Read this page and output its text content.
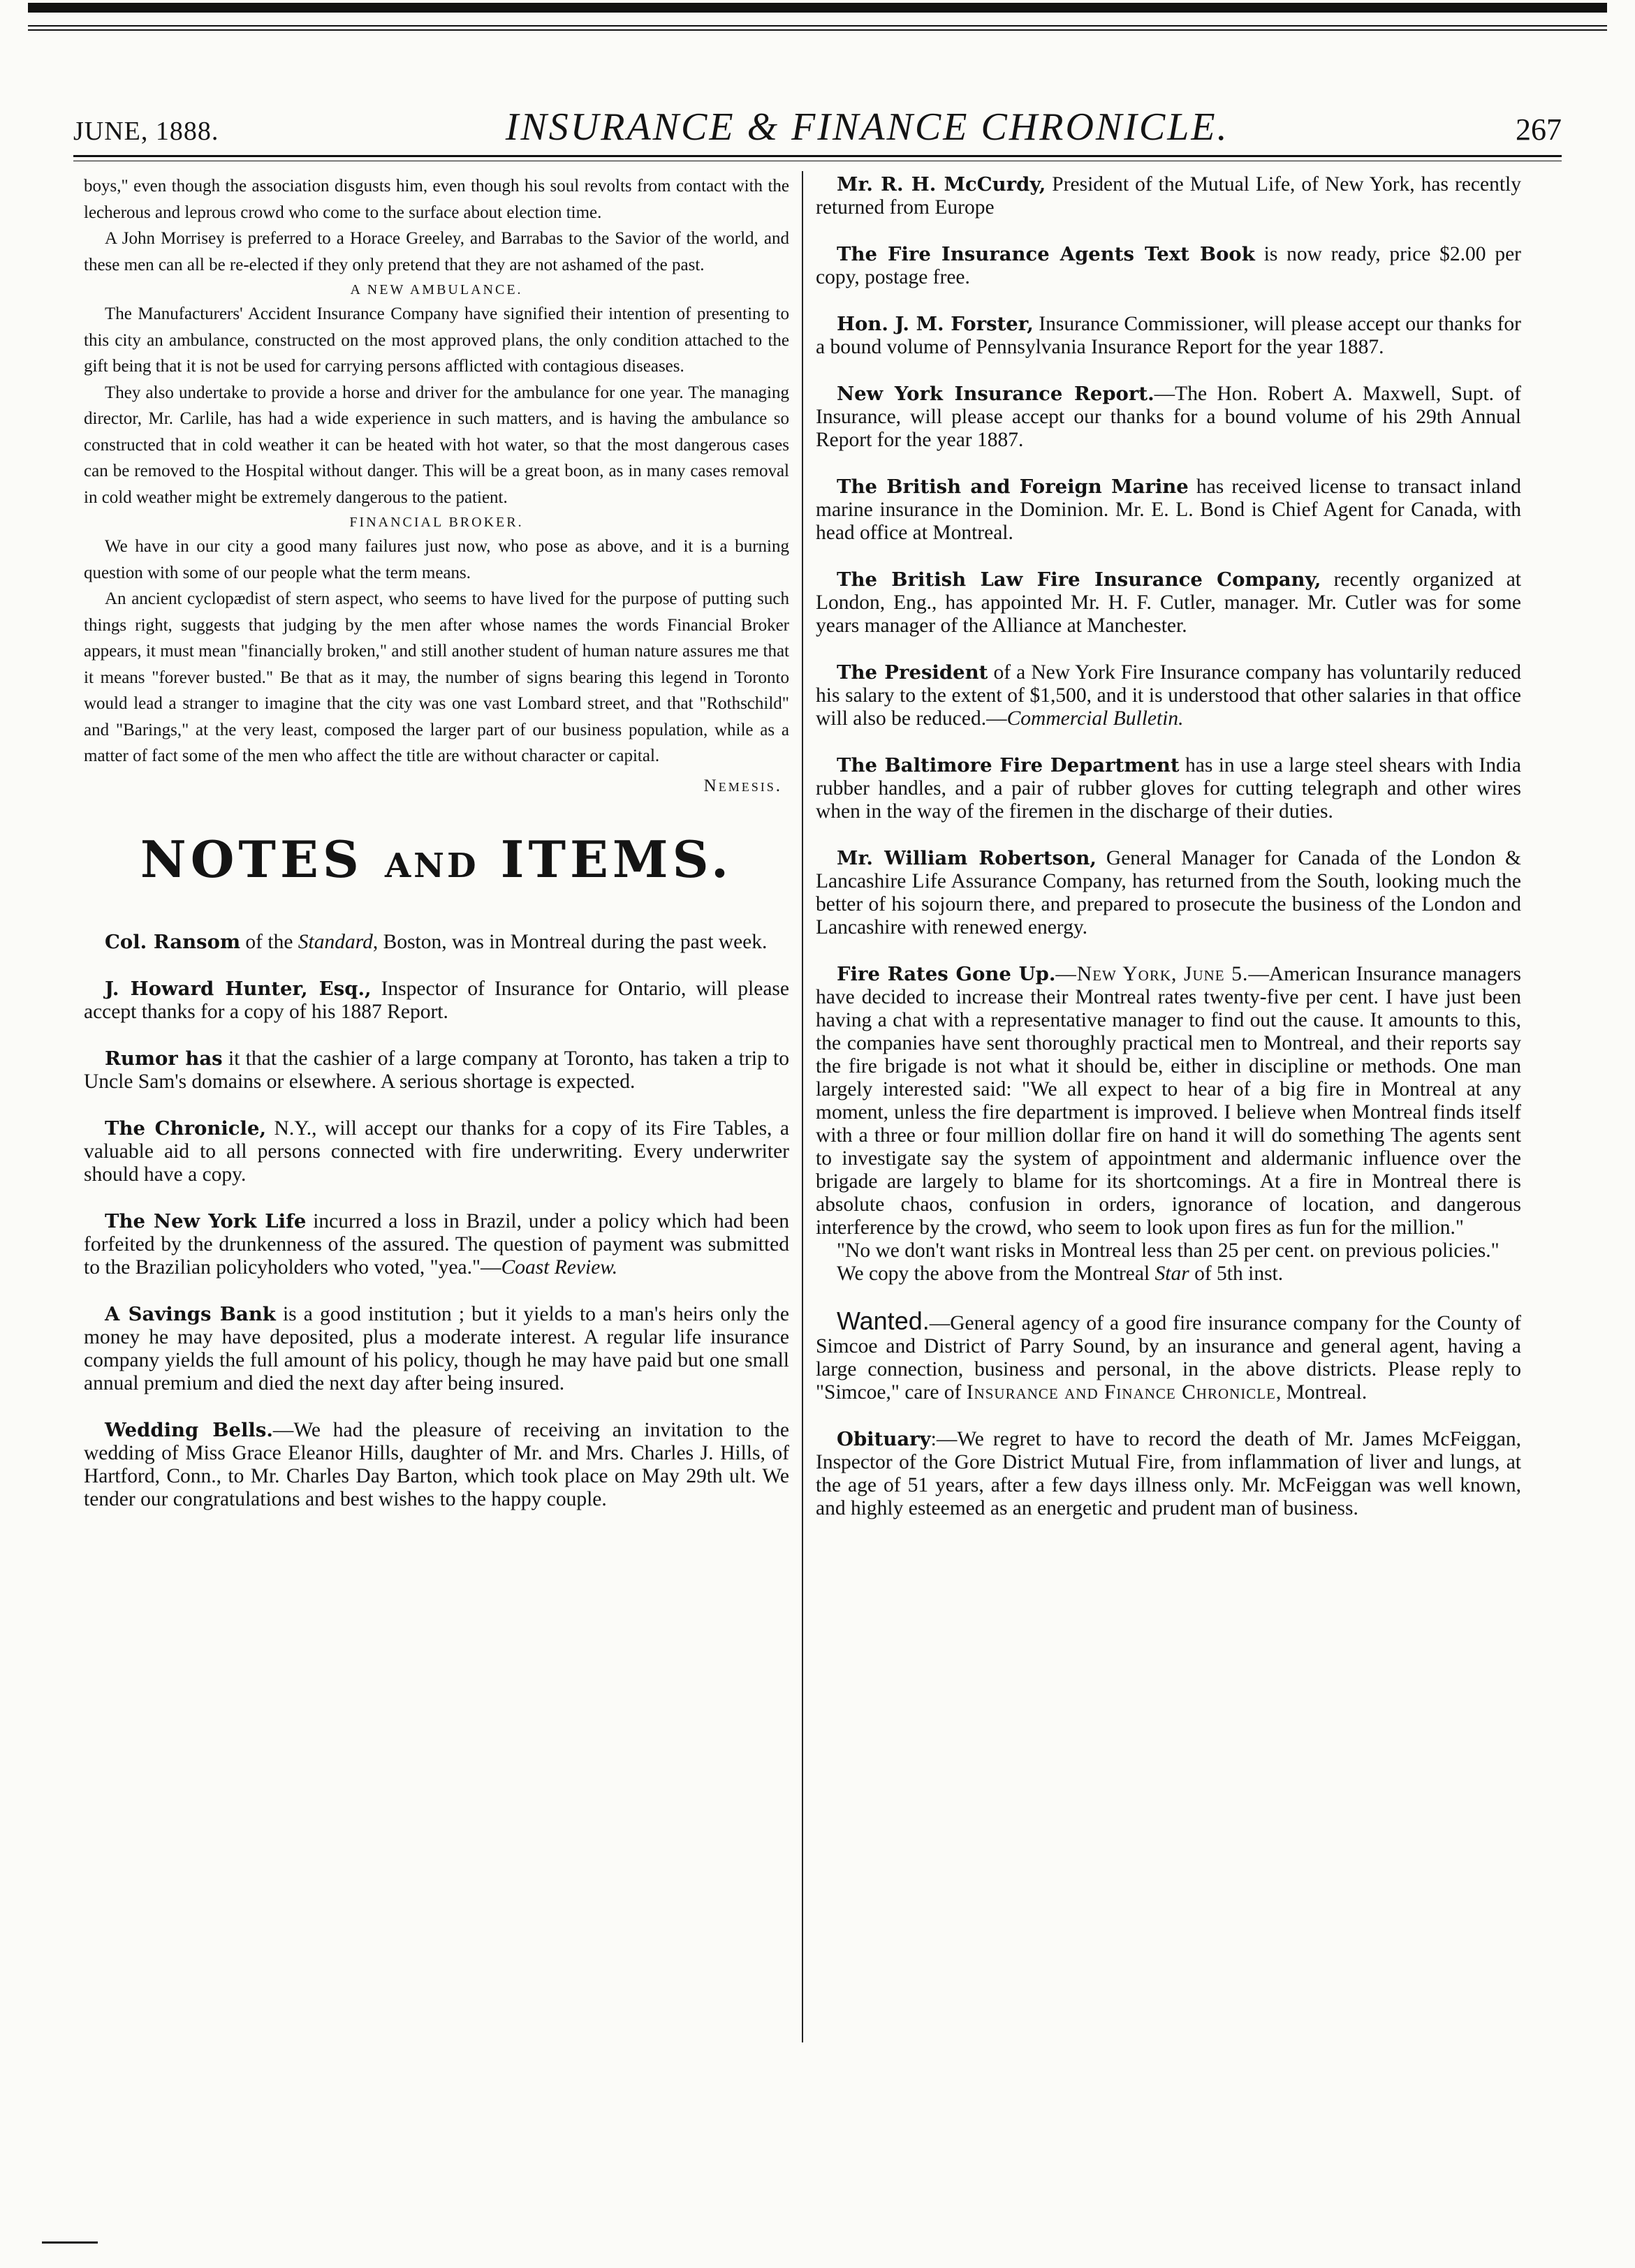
JUNE, 1888.	INSURANCE & FINANCE CHRONICLE.	267

boys," even though the association disgusts him, even though his soul revolts from contact with the lecherous and leprous crowd who come to the surface about election time.

A John Morrisey is preferred to a Horace Greeley, and Barrabas to the Savior of the world, and these men can all be re-elected if they only pretend that they are not ashamed of the past.

A NEW AMBULANCE.

The Manufacturers' Accident Insurance Company have signified their intention of presenting to this city an ambulance, constructed on the most approved plans, the only condition attached to the gift being that it is not be used for carrying persons afflicted with contagious diseases.

They also undertake to provide a horse and driver for the ambulance for one year. The managing director, Mr. Carlile, has had a wide experience in such matters, and is having the ambulance so constructed that in cold weather it can be heated with hot water, so that the most dangerous cases can be removed to the Hospital without danger. This will be a great boon, as in many cases removal in cold weather might be extremely dangerous to the patient.

FINANCIAL BROKER.

We have in our city a good many failures just now, who pose as above, and it is a burning question with some of our people what the term means.

An ancient cyclopædist of stern aspect, who seems to have lived for the purpose of putting such things right, suggests that judging by the men after whose names the words Financial Broker appears, it must mean "financially broken," and still another student of human nature assures me that it means "forever busted." Be that as it may, the number of signs bearing this legend in Toronto would lead a stranger to imagine that the city was one vast Lombard street, and that "Rothschild" and "Barings," at the very least, composed the larger part of our business population, while as a matter of fact some of the men who affect the title are without character or capital.

Nemesis.
NOTES AND ITEMS.

Col. Ransom of the Standard, Boston, was in Montreal during the past week.

J. Howard Hunter, Esq., Inspector of Insurance for Ontario, will please accept thanks for a copy of his 1887 Report.

Rumor has it that the cashier of a large company at Toronto, has taken a trip to Uncle Sam's domains or elsewhere. A serious shortage is expected.

The Chronicle, N.Y., will accept our thanks for a copy of its Fire Tables, a valuable aid to all persons connected with fire underwriting. Every underwriter should have a copy.

The New York Life incurred a loss in Brazil, under a policy which had been forfeited by the drunkenness of the assured. The question of payment was submitted to the Brazilian policyholders who voted, "yea."—Coast Review.

A Savings Bank is a good institution ; but it yields to a man's heirs only the money he may have deposited, plus a moderate interest. A regular life insurance company yields the full amount of his policy, though he may have paid but one small annual premium and died the next day after being insured.

Wedding Bells.—We had the pleasure of receiving an invitation to the wedding of Miss Grace Eleanor Hills, daughter of Mr. and Mrs. Charles J. Hills, of Hartford, Conn., to Mr. Charles Day Barton, which took place on May 29th ult. We tender our congratulations and best wishes to the happy couple.

Mr. R. H. McCurdy, President of the Mutual Life, of New York, has recently returned from Europe

The Fire Insurance Agents Text Book is now ready, price $2.00 per copy, postage free.

Hon. J. M. Forster, Insurance Commissioner, will please accept our thanks for a bound volume of Pennsylvania Insurance Report for the year 1887.

New York Insurance Report.—The Hon. Robert A. Maxwell, Supt. of Insurance, will please accept our thanks for a bound volume of his 29th Annual Report for the year 1887.

The British and Foreign Marine has received license to transact inland marine insurance in the Dominion. Mr. E. L. Bond is Chief Agent for Canada, with head office at Montreal.

The British Law Fire Insurance Company, recently organized at London, Eng., has appointed Mr. H. F. Cutler, manager. Mr. Cutler was for some years manager of the Alliance at Manchester.

The President of a New York Fire Insurance company has voluntarily reduced his salary to the extent of $1,500, and it is understood that other salaries in that office will also be reduced.—Commercial Bulletin.

The Baltimore Fire Department has in use a large steel shears with India rubber handles, and a pair of rubber gloves for cutting telegraph and other wires when in the way of the firemen in the discharge of their duties.

Mr. William Robertson, General Manager for Canada of the London & Lancashire Life Assurance Company, has returned from the South, looking much the better of his sojourn there, and prepared to prosecute the business of the London and Lancashire with renewed energy.

Fire Rates Gone Up.—New York, June 5.—American Insurance managers have decided to increase their Montreal rates twenty-five per cent. I have just been having a chat with a representative manager to find out the cause. It amounts to this, the companies have sent thoroughly practical men to Montreal, and their reports say the fire brigade is not what it should be, either in discipline or methods. One man largely interested said: "We all expect to hear of a big fire in Montreal at any moment, unless the fire department is improved. I believe when Montreal finds itself with a three or four million dollar fire on hand it will do something The agents sent to investigate say the system of appointment and aldermanic influence over the brigade are largely to blame for its shortcomings. At a fire in Montreal there is absolute chaos, confusion in orders, ignorance of location, and dangerous interference by the crowd, who seem to look upon fires as fun for the million."

"No we don't want risks in Montreal less than 25 per cent. on previous policies."

We copy the above from the Montreal Star of 5th inst.

Wanted.—General agency of a good fire insurance company for the County of Simcoe and District of Parry Sound, by an insurance and general agent, having a large connection, business and personal, in the above districts. Please reply to "Simcoe," care of Insurance and Finance Chronicle, Montreal.

Obituary:—We regret to have to record the death of Mr. James McFeiggan, Inspector of the Gore District Mutual Fire, from inflammation of liver and lungs, at the age of 51 years, after a few days illness only. Mr. McFeiggan was well known, and highly esteemed as an energetic and prudent man of business.
